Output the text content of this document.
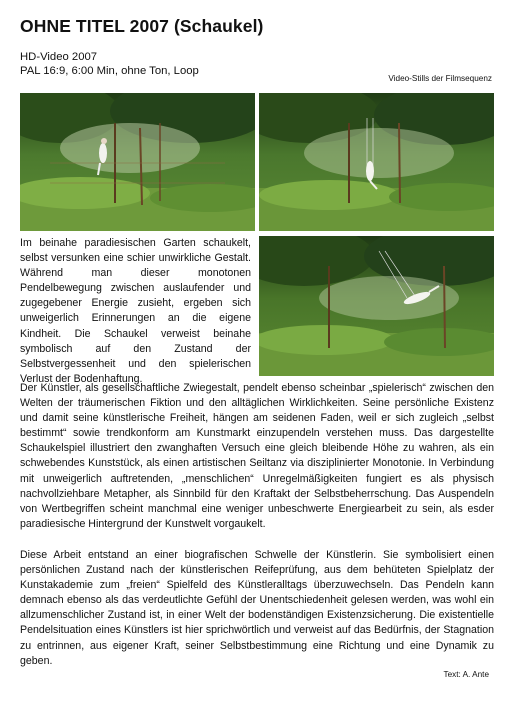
OHNE TITEL 2007 (Schaukel)
HD-Video 2007
PAL 16:9, 6:00 Min, ohne Ton, Loop
Video-Stills der Filmsequenz
Im beinahe paradiesischen Garten schaukelt, selbst versunken eine schier unwirkliche Gestalt. Während man dieser monotonen Pendelbewegung zwischen auslaufender und zugegebener Energie zusieht, ergeben sich unweigerlich Erinnerungen an die eigene Kindheit. Die Schaukel verweist beinahe symbolisch auf den Zustand der Selbstvergessenheit und den spielerischen Verlust der Bodenhaftung.
Der Künstler, als gesellschaftliche Zwiegestalt, pendelt ebenso scheinbar „spielerisch“ zwischen den Welten der träumerischen Fiktion und den alltäglichen Wirklichkeiten. Seine persönliche Existenz und damit seine künstlerische Freiheit, hängen am seidenen Faden, weil er sich zugleich „selbst bestimmt“ sowie trendkonform am Kunstmarkt einzupendeln verstehen muss. Das dargestellte Schaukelspiel illustriert den zwanghaften Versuch eine gleich bleibende Höhe zu wahren, als ein schwebendes Kunststück, als einen artistischen Seiltanz via disziplinierter Monotonie. In Verbindung mit unweigerlich auftretenden, „menschlichen“ Unregelmäßigkeiten fungiert es als physisch nachvollziehbare Metapher, als Sinnbild für den Kraftakt der Selbstbeherrschung. Das Auspendeln von Wertbegriffen scheint manchmal eine weniger unbeschwerte Energiearbeit zu sein, als esder paradiesische Hintergrund der Kunstwelt vorgaukelt.
Diese Arbeit entstand an einer biografischen Schwelle der Künstlerin. Sie symbolisiert einen persönlichen Zustand nach der künstlerischen Reifeprüfung, aus dem behüteten Spielplatz der Kunstakademie zum „freien“ Spielfeld des Künstleralltags überzuwechseln. Das Pendeln kann demnach ebenso als das verdeutlichte Gefühl der Unentschiedenheit gelesen werden, was wohl ein allzumenschlicher Zustand ist, in einer Welt der bodenständigen Existenzsicherung. Die existentielle Pendelsituation eines Künstlers ist hier sprichwörtlich und verweist auf das Bedürfnis, der Stagnation zu entrinnen, aus eigener Kraft, seiner Selbstbestimmung eine Richtung und eine Dynamik zu geben.
Text: A. Ante
